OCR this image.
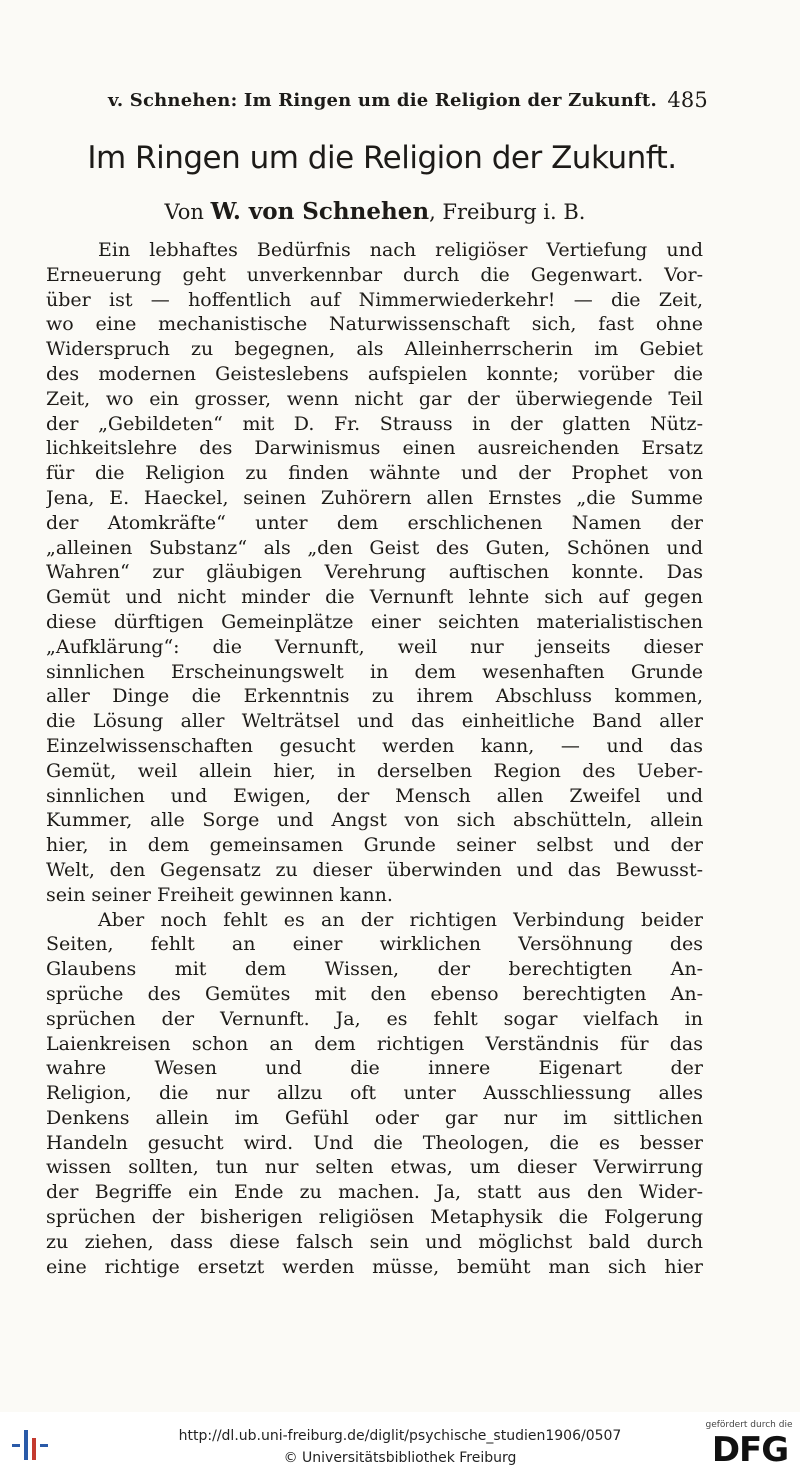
v. Schnehen: Im Ringen um die Religion der Zukunft. 485
Im Ringen um die Religion der Zukunft.
Von W. von Schnehen, Freiburg i. B.
Ein lebhaftes Bedürfnis nach religiöser Vertiefung und
Erneuerung geht unverkennbar durch die Gegenwart. Vor-
über ist — hoffentlich auf Nimmerwiederkehr! — die Zeit,
wo eine mechanistische Naturwissenschaft sich, fast ohne
Widerspruch zu begegnen, als Alleinherrscherin im Gebiet
des modernen Geisteslebens aufspielen konnte; vorüber die
Zeit, wo ein grosser, wenn nicht gar der überwiegende Teil
der „Gebildeten“ mit D. Fr. Strauss in der glatten Nütz-
lichkeitslehre des Darwinismus einen ausreichenden Ersatz
für die Religion zu finden wähnte und der Prophet von
Jena, E. Haeckel, seinen Zuhörern allen Ernstes „die Summe
der Atomkräfte“ unter dem erschlichenen Namen der
„alleinen Substanz“ als „den Geist des Guten, Schönen und
Wahren“ zur gläubigen Verehrung auftischen konnte. Das
Gemüt und nicht minder die Vernunft lehnte sich auf gegen
diese dürftigen Gemeinplätze einer seichten materialistischen
„Aufklärung“: die Vernunft, weil nur jenseits dieser
sinnlichen Erscheinungswelt in dem wesenhaften Grunde
aller Dinge die Erkenntnis zu ihrem Abschluss kommen,
die Lösung aller Welträtsel und das einheitliche Band aller
Einzelwissenschaften gesucht werden kann, — und das
Gemüt, weil allein hier, in derselben Region des Ueber-
sinnlichen und Ewigen, der Mensch allen Zweifel und
Kummer, alle Sorge und Angst von sich abschütteln, allein
hier, in dem gemeinsamen Grunde seiner selbst und der
Welt, den Gegensatz zu dieser überwinden und das Bewusst-
sein seiner Freiheit gewinnen kann.
Aber noch fehlt es an der richtigen Verbindung beider
Seiten, fehlt an einer wirklichen Versöhnung des
Glaubens mit dem Wissen, der berechtigten An-
sprüche des Gemütes mit den ebenso berechtigten An-
sprüchen der Vernunft. Ja, es fehlt sogar vielfach in
Laienkreisen schon an dem richtigen Verständnis für das
wahre Wesen und die innere Eigenart der
Religion, die nur allzu oft unter Ausschliessung alles
Denkens allein im Gefühl oder gar nur im sittlichen
Handeln gesucht wird. Und die Theologen, die es besser
wissen sollten, tun nur selten etwas, um dieser Verwirrung
der Begriffe ein Ende zu machen. Ja, statt aus den Wider-
sprüchen der bisherigen religiösen Metaphysik die Folgerung
zu ziehen, dass diese falsch sein und möglichst bald durch
eine richtige ersetzt werden müsse, bemüht man sich hier
http://dl.ub.uni-freiburg.de/diglit/psychische_studien1906/0507
© Universitätsbibliothek Freiburg
gefördert durch die
DFG
